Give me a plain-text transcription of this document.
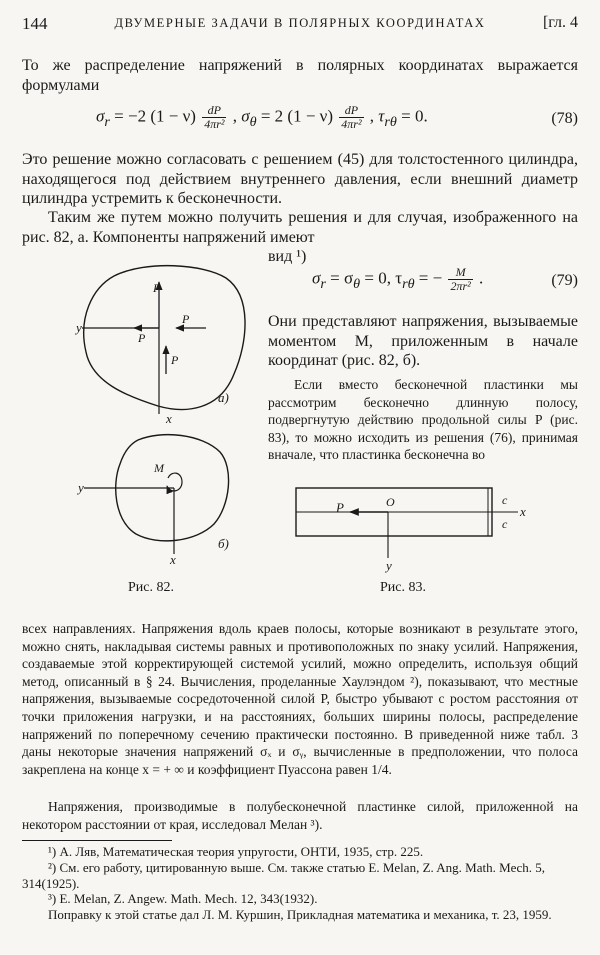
144	ДВУМЕРНЫЕ ЗАДАЧИ В ПОЛЯРНЫХ КООРДИНАТАХ	[гл. 4
То же распределение напряжений в полярных координатах выражается формулами
$\sigma_r = -2$ $(1 - \nu) \frac{dP}{\text{4πr²}}$ , $\sigma_\theta = 2$ $(1 - \nu) \frac{dP}{\text{4πr²}}$ , $\tau_{r\theta} = 0$.	(78)
Это решение можно согласовать с решением (45) для толстостенного цилиндра, находящегося под действием внутреннего давления, если внешний диаметр цилиндра устремить к бесконечности.
Таким же путем можно получить решения и для случая, изображенного на рис. 82, а. Компоненты напряжений имеют
вид ¹)
$\sigma_r = \sigma_\theta = 0$, $\tau_{r\theta}$ = − $\frac{M}{\text{2πr²}}$ .	(79)
Они представляют напряжения, вызываемые моментом М, приложенным в начале координат (рис. 82, б).
Если вместо бесконечной пластинки мы рассмотрим бесконечно длинную полосу, подвергнутую действию продольной силы P (рис. 83), то можно исходить из решения (76), принимая вначале, что пластинка бесконечна во
P
P
P
P
y
x
а)
M
y
x
б)
Рис. 82.
P	O
x
y
c
c
Рис. 83.
всех направлениях. Напряжения вдоль краев полосы, которые возникают в результате этого, можно снять, накладывая системы равных и противоположных по знаку усилий. Напряжения, создаваемые этой корректирующей системой усилий, можно определить, используя общий метод, описанный в § 24. Вычисления, проделанные Хаулэндом ²), показывают, что местные напряжения, вызываемые сосредоточенной силой P, быстро убывают с ростом расстояния от точки приложения нагрузки, и на расстояниях, больших ширины полосы, распределение напряжений по поперечному сечению практически постоянно. В приведенной ниже табл. 3 даны некоторые значения напряжений σₓ и σᵧ, вычисленные в предположении, что полоса закреплена на конце x = + ∞ и коэффициент Пуассона равен 1/4.
Напряжения, производимые в полубесконечной пластинке силой, приложенной на некотором расстоянии от края, исследовал Мелан ³).
¹) А. Ляв, Математическая теория упругости, ОНТИ, 1935, стр. 225.
²) См. его работу, цитированную выше. См. также статью E. Melan, Z. Ang. Math. Mech. 5, 314(1925).
³) E. Melan, Z. Angew. Math. Mech. 12, 343(1932).
Поправку к этой статье дал Л. М. Куршин, Прикладная математика и механика, т. 23, 1959.
